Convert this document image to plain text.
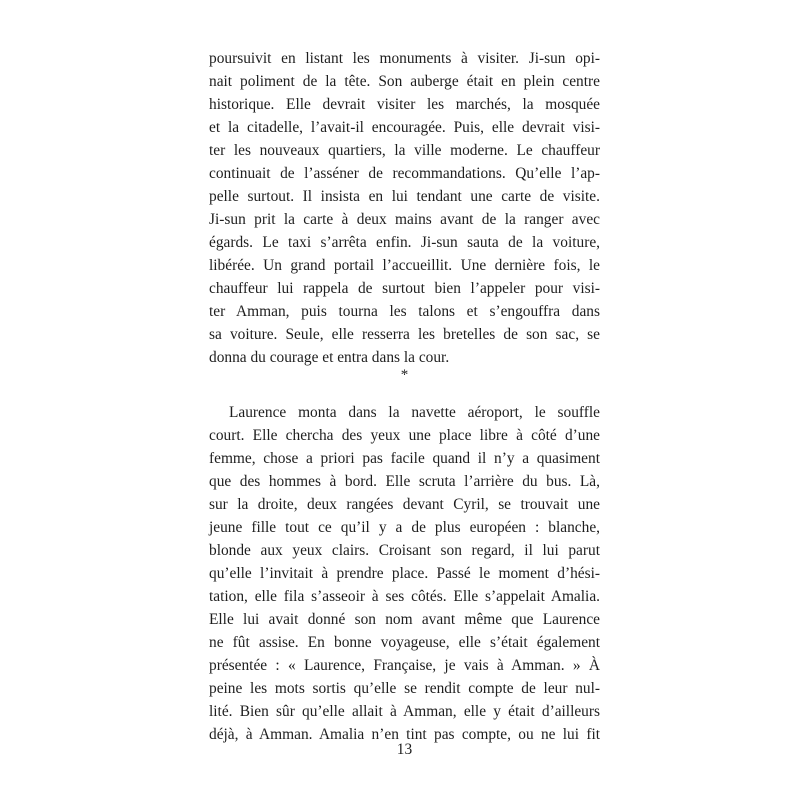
poursuivit en listant les monuments à visiter. Ji-sun opi-
nait poliment de la tête. Son auberge était en plein centre
historique. Elle devrait visiter les marchés, la mosquée
et la citadelle, l’avait-il encouragée. Puis, elle devrait visi-
ter les nouveaux quartiers, la ville moderne. Le chauffeur
continuait de l’asséner de recommandations. Qu’elle l’ap-
pelle surtout. Il insista en lui tendant une carte de visite.
Ji-sun prit la carte à deux mains avant de la ranger avec
égards. Le taxi s’arrêta enfin. Ji-sun sauta de la voiture,
libérée. Un grand portail l’accueillit. Une dernière fois, le
chauffeur lui rappela de surtout bien l’appeler pour visi-
ter Amman, puis tourna les talons et s’engouffra dans
sa voiture. Seule, elle resserra les bretelles de son sac, se
donna du courage et entra dans la cour.
*
Laurence monta dans la navette aéroport, le souffle
court. Elle chercha des yeux une place libre à côté d’une
femme, chose a priori pas facile quand il n’y a quasiment
que des hommes à bord. Elle scruta l’arrière du bus. Là,
sur la droite, deux rangées devant Cyril, se trouvait une
jeune fille tout ce qu’il y a de plus européen : blanche,
blonde aux yeux clairs. Croisant son regard, il lui parut
qu’elle l’invitait à prendre place. Passé le moment d’hési-
tation, elle fila s’asseoir à ses côtés. Elle s’appelait Amalia.
Elle lui avait donné son nom avant même que Laurence
ne fût assise. En bonne voyageuse, elle s’était également
présentée : « Laurence, Française, je vais à Amman. » À
peine les mots sortis qu’elle se rendit compte de leur nul-
lité. Bien sûr qu’elle allait à Amman, elle y était d’ailleurs
déjà, à Amman. Amalia n’en tint pas compte, ou ne lui fit
13
